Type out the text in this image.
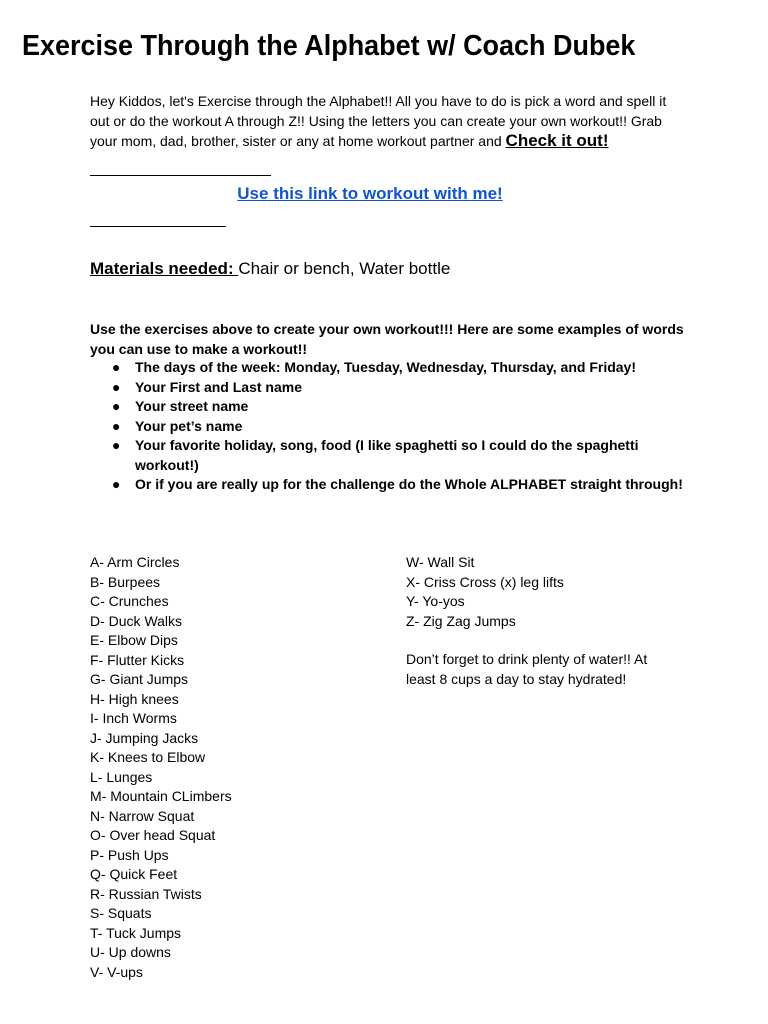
Exercise Through the Alphabet w/ Coach Dubek

Hey Kiddos, let's Exercise through the Alphabet!! All you have to do is pick a word and spell it out or do the workout A through Z!! Using the letters you can create your own workout!! Grab your mom, dad, brother, sister or any at home workout partner and Check it out!

Use this link to workout with me!

Materials needed: Chair or bench, Water bottle

Use the exercises above to create your own workout!!! Here are some examples of words you can use to make a workout!!

● The days of the week: Monday, Tuesday, Wednesday, Thursday, and Friday!
● Your First and Last name
● Your street name
● Your pet’s name
● Your favorite holiday, song, food (I like spaghetti so I could do the spaghetti workout!)
● Or if you are really up for the challenge do the Whole ALPHABET straight through!
A- Arm Circles
B- Burpees
C- Crunches
D- Duck Walks
E- Elbow Dips
F- Flutter Kicks
G- Giant Jumps
H- High knees
I- Inch Worms
J- Jumping Jacks
K- Knees to Elbow
L- Lunges
M- Mountain CLimbers
N- Narrow Squat
O- Over head Squat
P- Push Ups
Q- Quick Feet
R- Russian Twists
S- Squats
T- Tuck Jumps
U- Up downs
V- V-ups
W- Wall Sit
X- Criss Cross (x) leg lifts
Y- Yo-yos
Z- Zig Zag Jumps

Don’t forget to drink plenty of water!! At least 8 cups a day to stay hydrated!
